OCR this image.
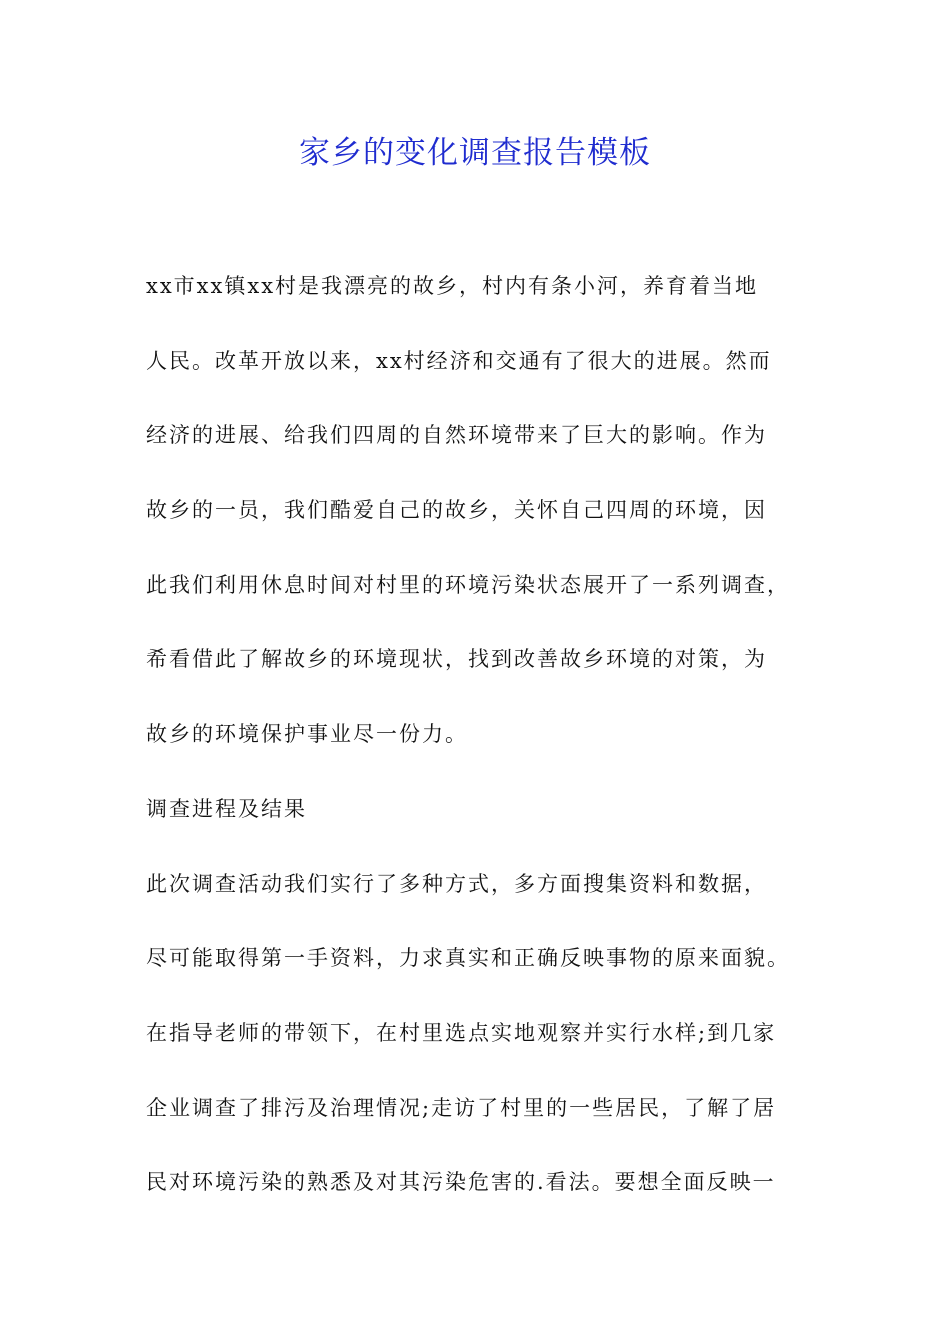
家乡的变化调查报告模板

xx市xx镇xx村是我漂亮的故乡，村内有条小河，养育着当地

人民。改革开放以来，xx村经济和交通有了很大的进展。然而

经济的进展、给我们四周的自然环境带来了巨大的影响。作为

故乡的一员，我们酷爱自己的故乡，关怀自己四周的环境，因

此我们利用休息时间对村里的环境污染状态展开了一系列调查，

希看借此了解故乡的环境现状，找到改善故乡环境的对策，为

故乡的环境保护事业尽一份力。

调查进程及结果

此次调查活动我们实行了多种方式，多方面搜集资料和数据，

尽可能取得第一手资料，力求真实和正确反映事物的原来面貌。

在指导老师的带领下，在村里选点实地观察并实行水样;到几家

企业调查了排污及治理情况;走访了村里的一些居民，了解了居

民对环境污染的熟悉及对其污染危害的.看法。要想全面反映一
